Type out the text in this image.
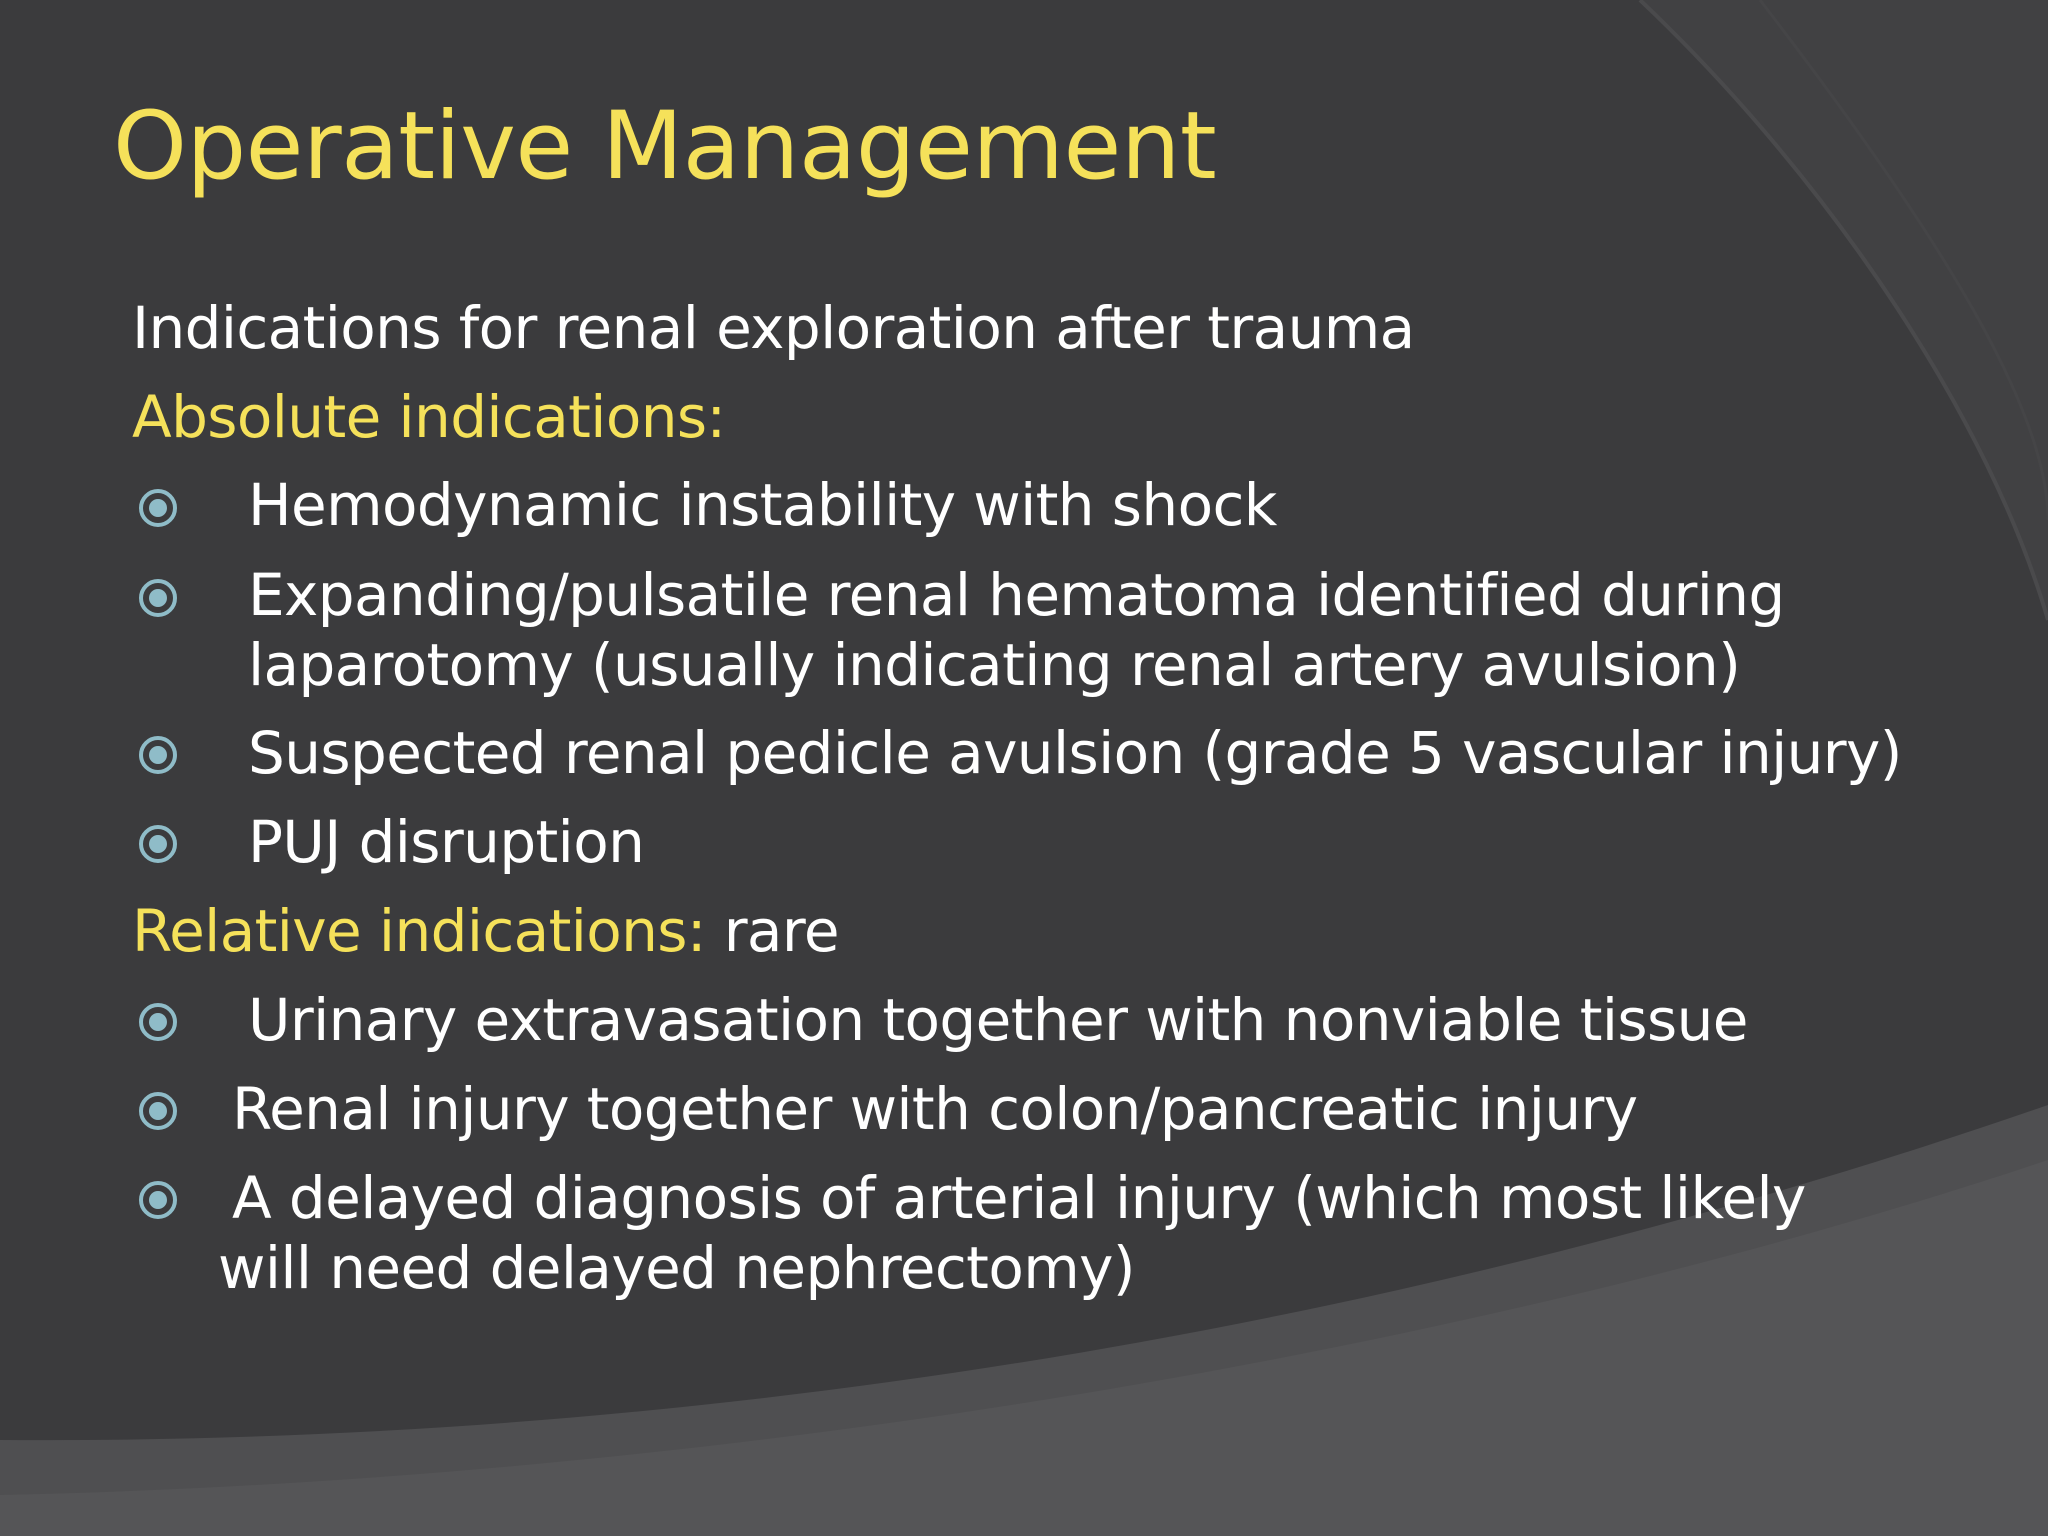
Operative Management
Indications for renal exploration after trauma
Absolute indications:
Hemodynamic instability with shock
Expanding/pulsatile renal hematoma identified during
laparotomy (usually indicating renal artery avulsion)
Suspected renal pedicle avulsion (grade 5 vascular injury)
PUJ disruption
Relative indications: rare
Urinary extravasation together with nonviable tissue
Renal injury together with colon/pancreatic injury
A delayed diagnosis of arterial injury (which most likely
will need delayed nephrectomy)
